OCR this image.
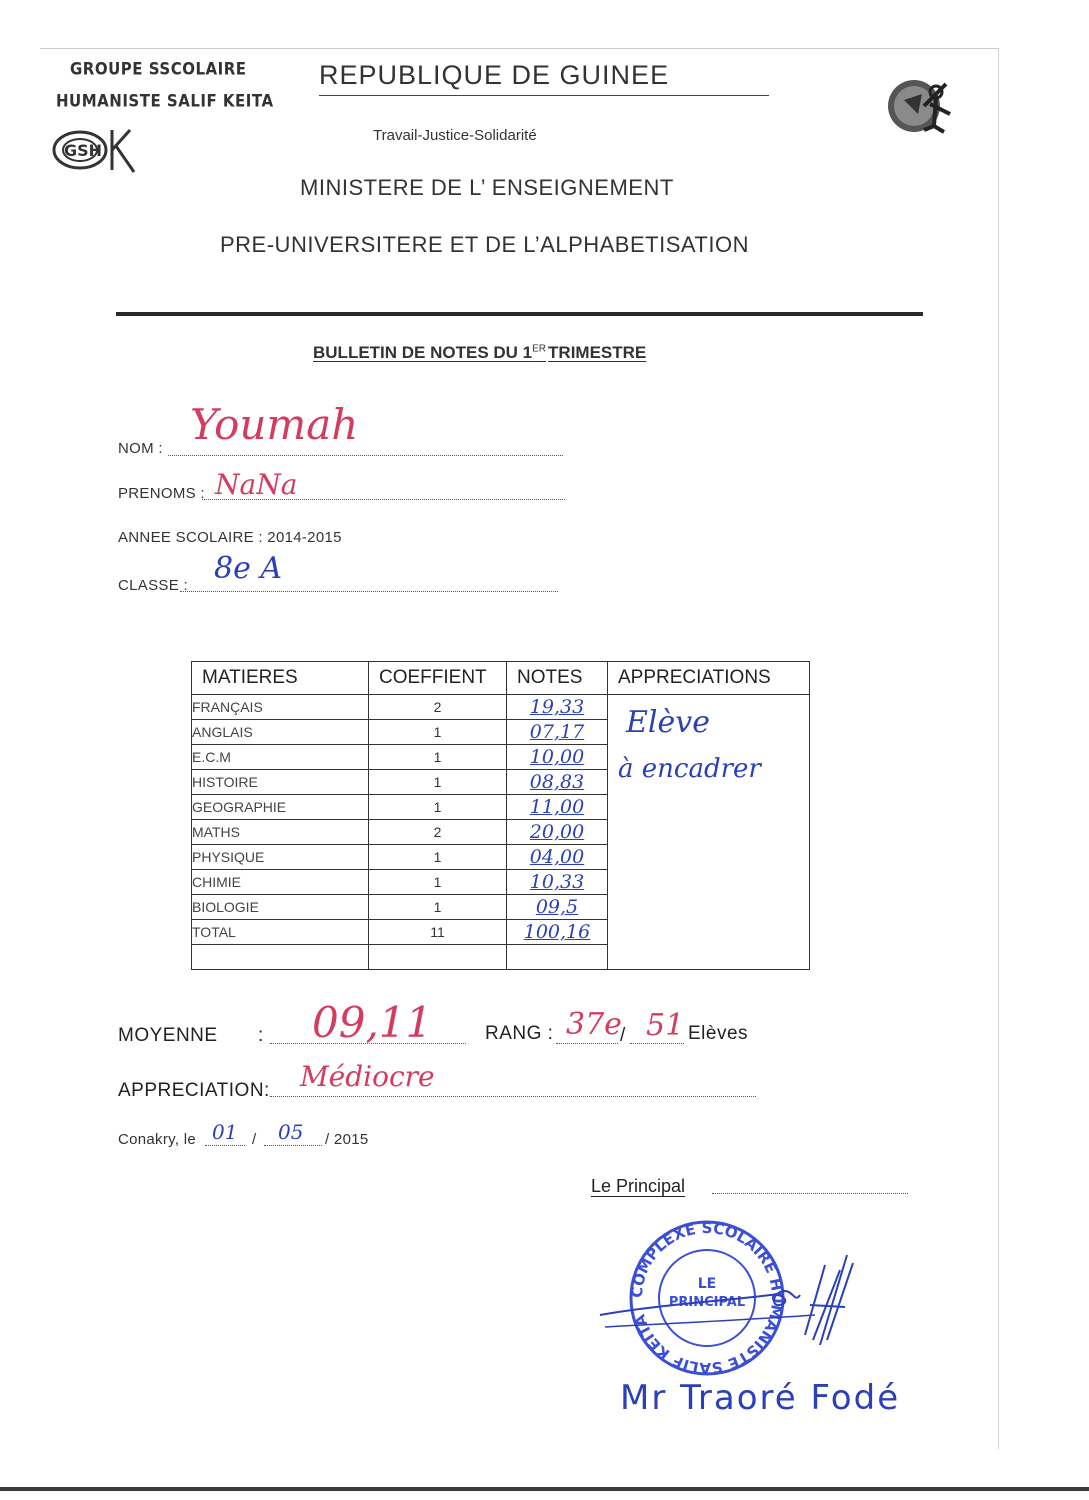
GROUPE SSCOLAIRE
HUMANISTE SALIF KEITA
GSH
REPUBLIQUE DE GUINEE
Travail-Justice-Solidarité
MINISTERE DE L’ ENSEIGNEMENT
PRE-UNIVERSITERE ET DE L’ALPHABETISATION
BULLETIN DE NOTES DU 1ER TRIMESTRE
NOM : Youmah
PRENOMS : NaNa
ANNEE SCOLAIRE : 2014-2015
CLASSE : 8e A
MATIERES	COEFFIENT	NOTES	APPRECIATIONS
FRANÇAIS	2	19,33	Elève
à encadrer

ANGLAIS	1	07,17	
E.C.M	1	10,00	
HISTOIRE	1	08,83	
GEOGRAPHIE	1	11,00	
MATHS	2	20,00	
PHYSIQUE	1	04,00	
CHIMIE	1	10,33	
BIOLOGIE	1	09,5	
TOTAL	11	100,16	

MOYENNE : 09,11	RANG : 37e
/ 51 Elèves
APPRECIATION: Médiocre
Conakry, le 01 / 05 / 2015
Le Principal
COMPLEXE SCOLAIRE HUMANISTE SALIF KEITA
LE
PRINCIPAL
Mr Traoré Fodé
